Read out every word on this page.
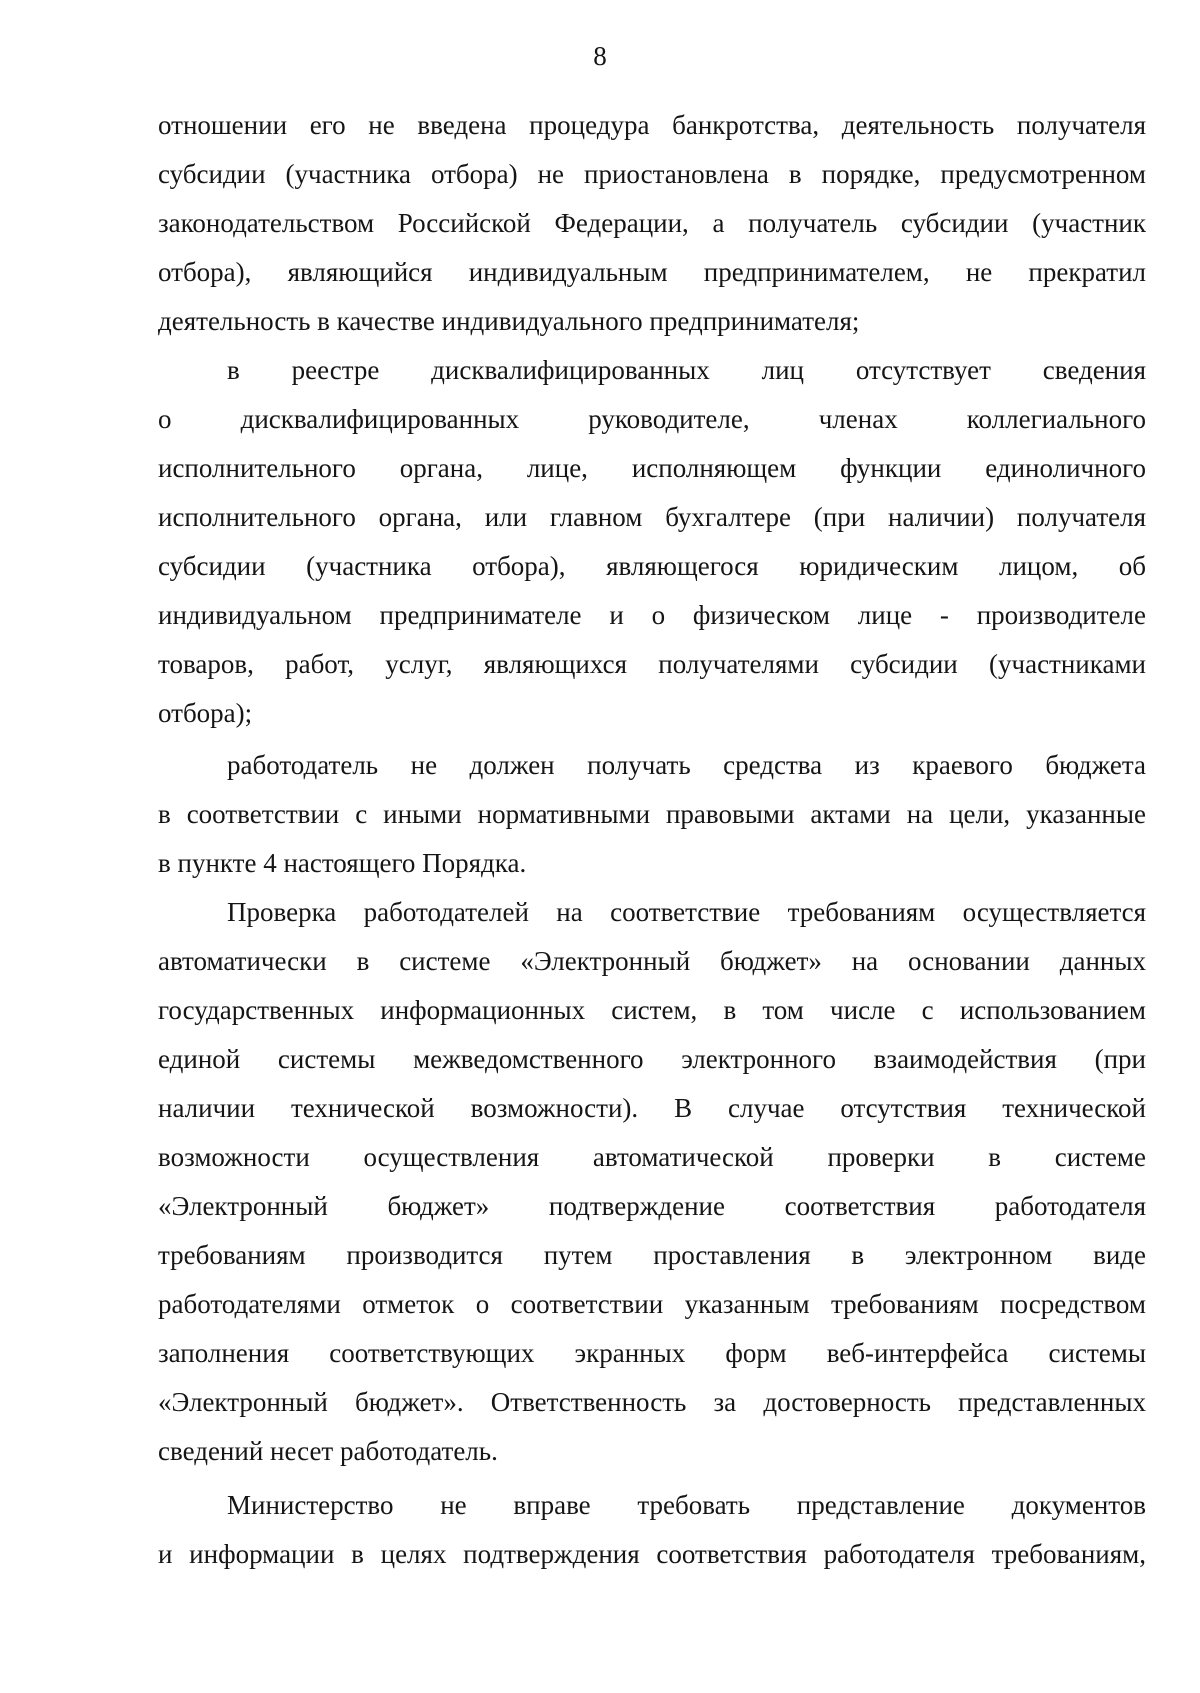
8
отношении его не введена процедура банкротства, деятельность получателя
субсидии (участника отбора) не приостановлена в порядке, предусмотренном
законодательством Российской Федерации, а получатель субсидии (участник
отбора), являющийся индивидуальным предпринимателем, не прекратил
деятельность в качестве индивидуального предпринимателя;
в реестре дисквалифицированных лиц отсутствует сведения
о дисквалифицированных руководителе, членах коллегиального
исполнительного органа, лице, исполняющем функции единоличного
исполнительного органа, или главном бухгалтере (при наличии) получателя
субсидии (участника отбора), являющегося юридическим лицом, об
индивидуальном предпринимателе и о физическом лице - производителе
товаров, работ, услуг, являющихся получателями субсидии (участниками
отбора);
работодатель не должен получать средства из краевого бюджета
в соответствии с иными нормативными правовыми актами на цели, указанные
в пункте 4 настоящего Порядка.
Проверка работодателей на соответствие требованиям осуществляется
автоматически в системе «Электронный бюджет» на основании данных
государственных информационных систем, в том числе с использованием
единой системы межведомственного электронного взаимодействия (при
наличии технической возможности). В случае отсутствия технической
возможности осуществления автоматической проверки в системе
«Электронный бюджет» подтверждение соответствия работодателя
требованиям производится путем проставления в электронном виде
работодателями отметок о соответствии указанным требованиям посредством
заполнения соответствующих экранных форм веб-интерфейса системы
«Электронный бюджет». Ответственность за достоверность представленных
сведений несет работодатель.
Министерство не вправе требовать представление документов
и информации в целях подтверждения соответствия работодателя требованиям,
